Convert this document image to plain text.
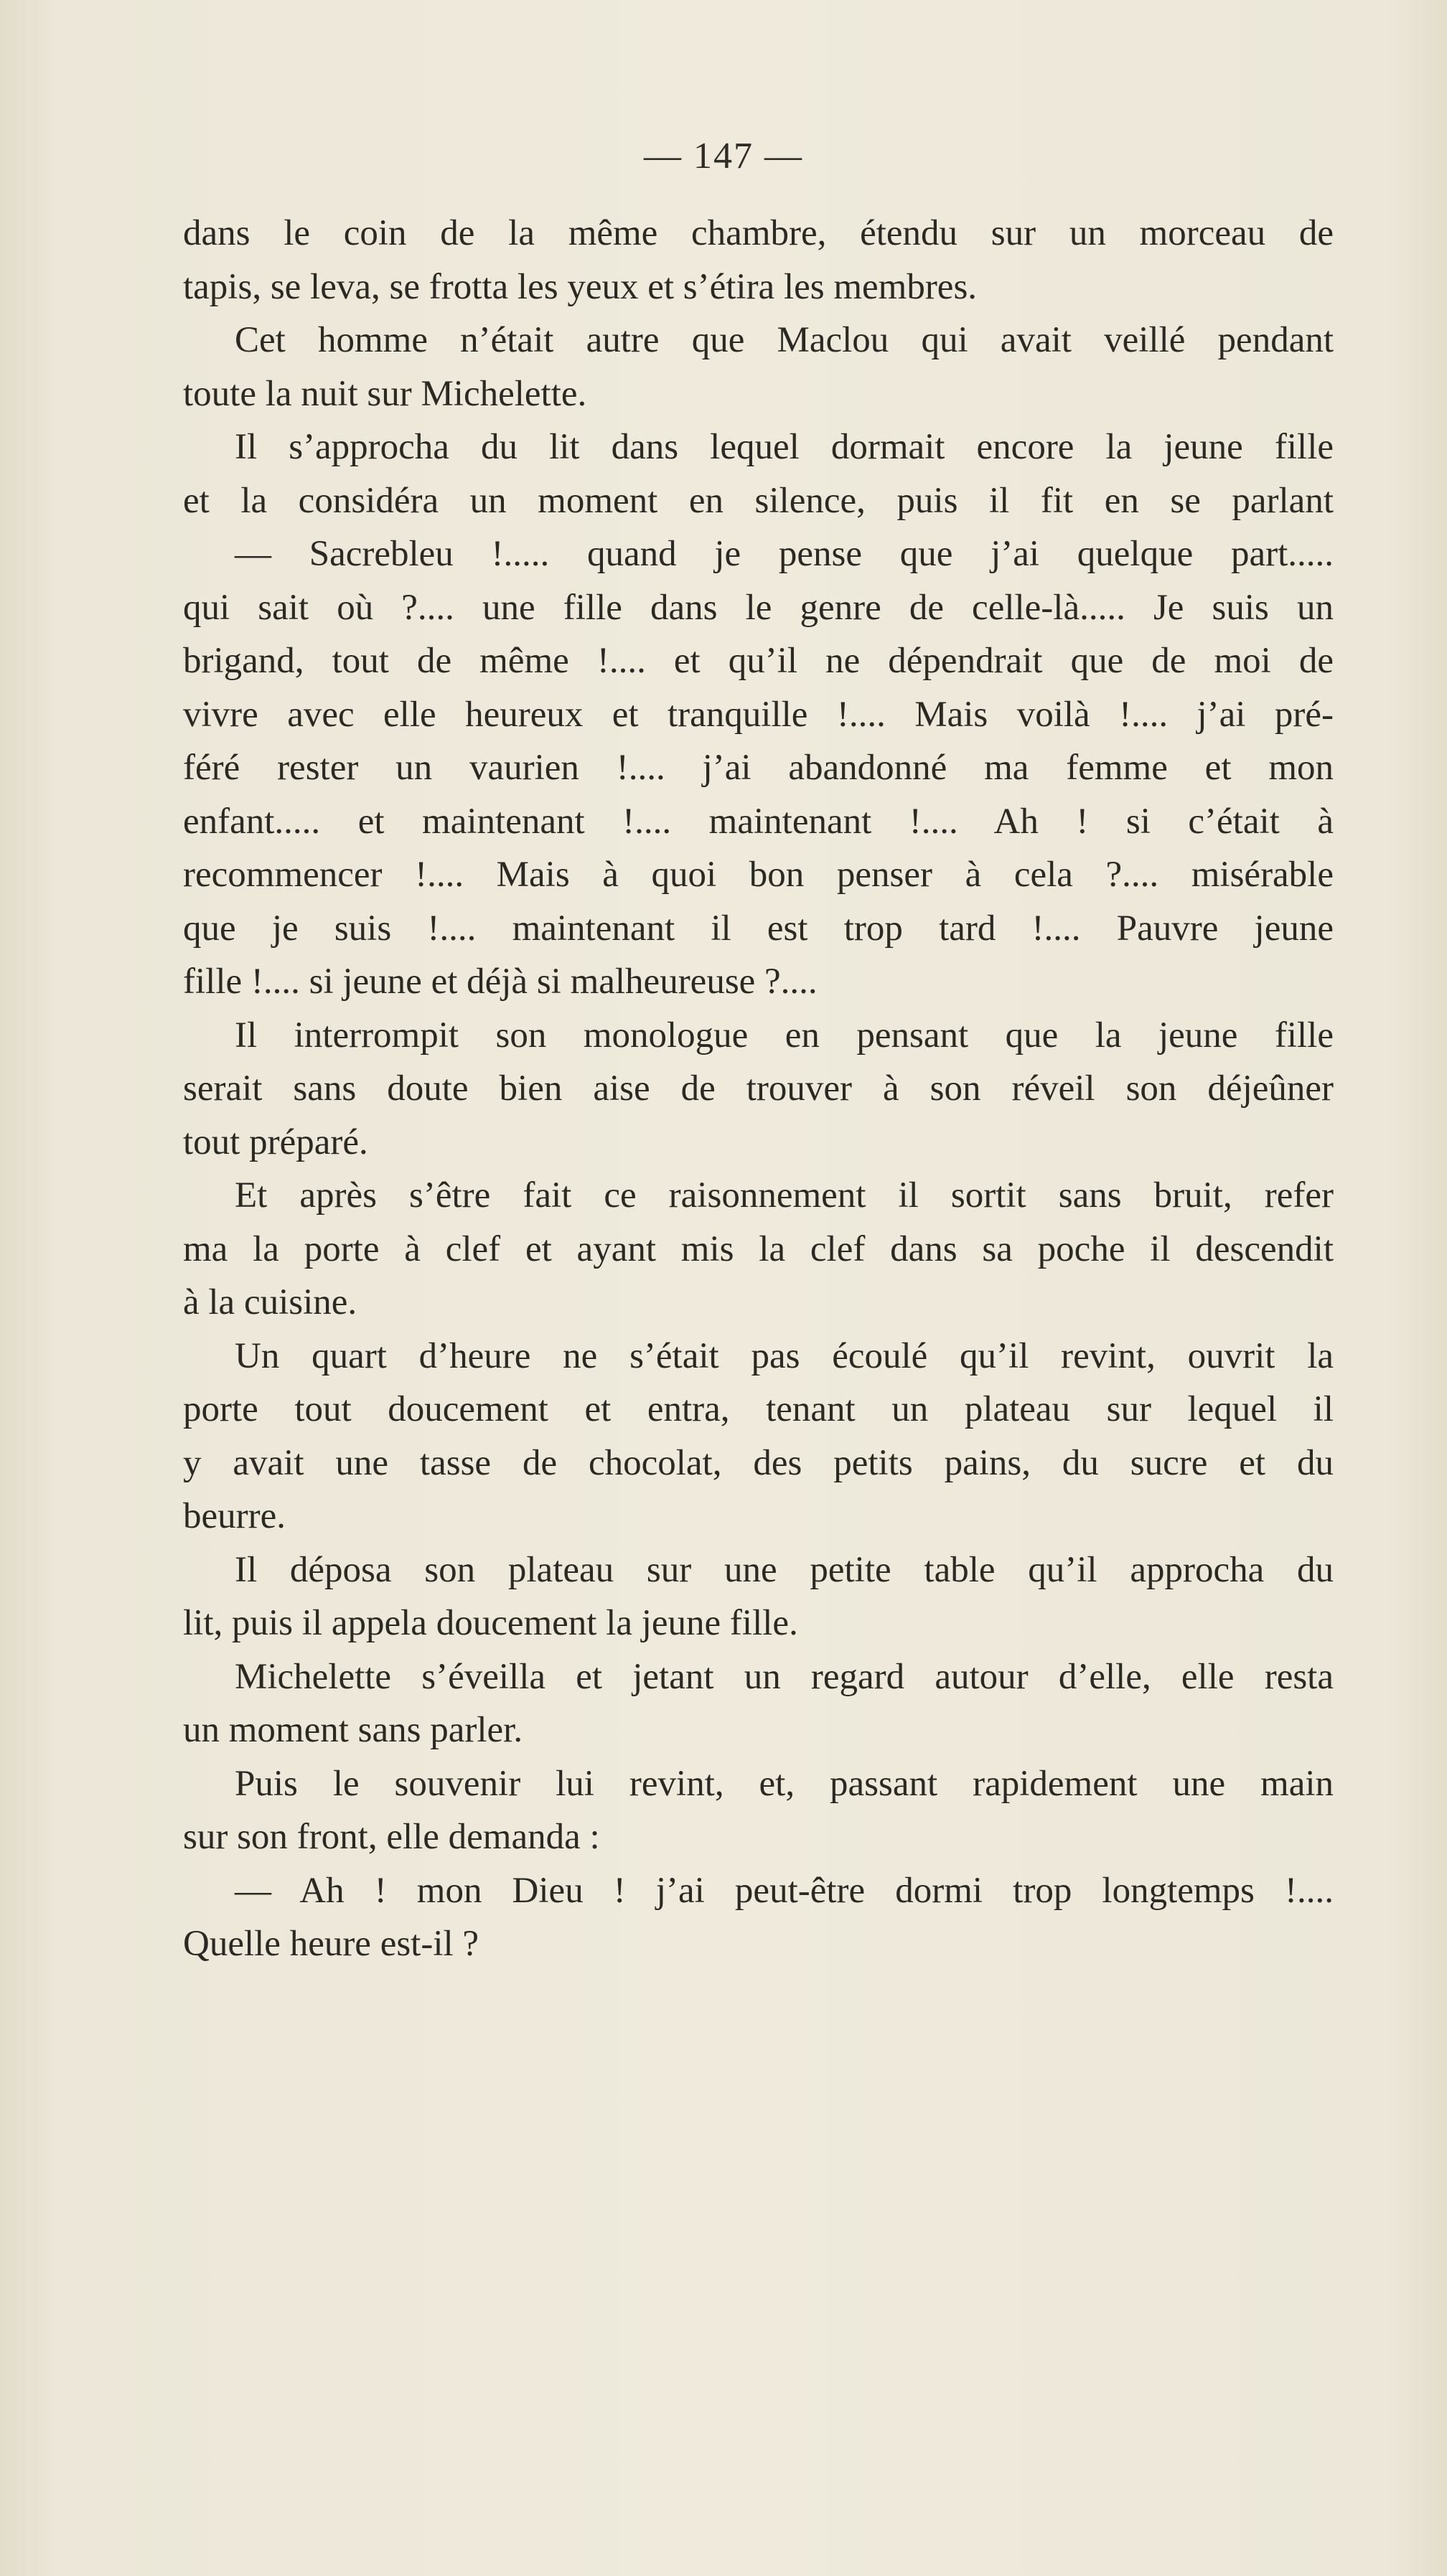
— 147 —
dans le coin de la même chambre, étendu sur un morceau de
tapis, se leva, se frotta les yeux et s’étira les membres.
Cet homme n’était autre que Maclou qui avait veillé pendant
toute la nuit sur Michelette.
Il s’approcha du lit dans lequel dormait encore la jeune fille
et la considéra un moment en silence, puis il fit en se parlant
— Sacrebleu !..... quand je pense que j’ai quelque part.....
qui sait où ?.... une fille dans le genre de celle-là..... Je suis un
brigand, tout de même !.... et qu’il ne dépendrait que de moi de
vivre avec elle heureux et tranquille !.... Mais voilà !.... j’ai pré-
féré rester un vaurien !.... j’ai abandonné ma femme et mon
enfant..... et maintenant !.... maintenant !.... Ah ! si c’était à
recommencer !.... Mais à quoi bon penser à cela ?.... misérable
que je suis !.... maintenant il est trop tard !.... Pauvre jeune
fille !.... si jeune et déjà si malheureuse ?....
Il interrompit son monologue en pensant que la jeune fille
serait sans doute bien aise de trouver à son réveil son déjeûner
tout préparé.
Et après s’être fait ce raisonnement il sortit sans bruit, refer
ma la porte à clef et ayant mis la clef dans sa poche il descendit
à la cuisine.
Un quart d’heure ne s’était pas écoulé qu’il revint, ouvrit la
porte tout doucement et entra, tenant un plateau sur lequel il
y avait une tasse de chocolat, des petits pains, du sucre et du
beurre.
Il déposa son plateau sur une petite table qu’il approcha du
lit, puis il appela doucement la jeune fille.
Michelette s’éveilla et jetant un regard autour d’elle, elle resta
un moment sans parler.
Puis le souvenir lui revint, et, passant rapidement une main
sur son front, elle demanda :
— Ah ! mon Dieu ! j’ai peut-être dormi trop longtemps !....
Quelle heure est-il ?
